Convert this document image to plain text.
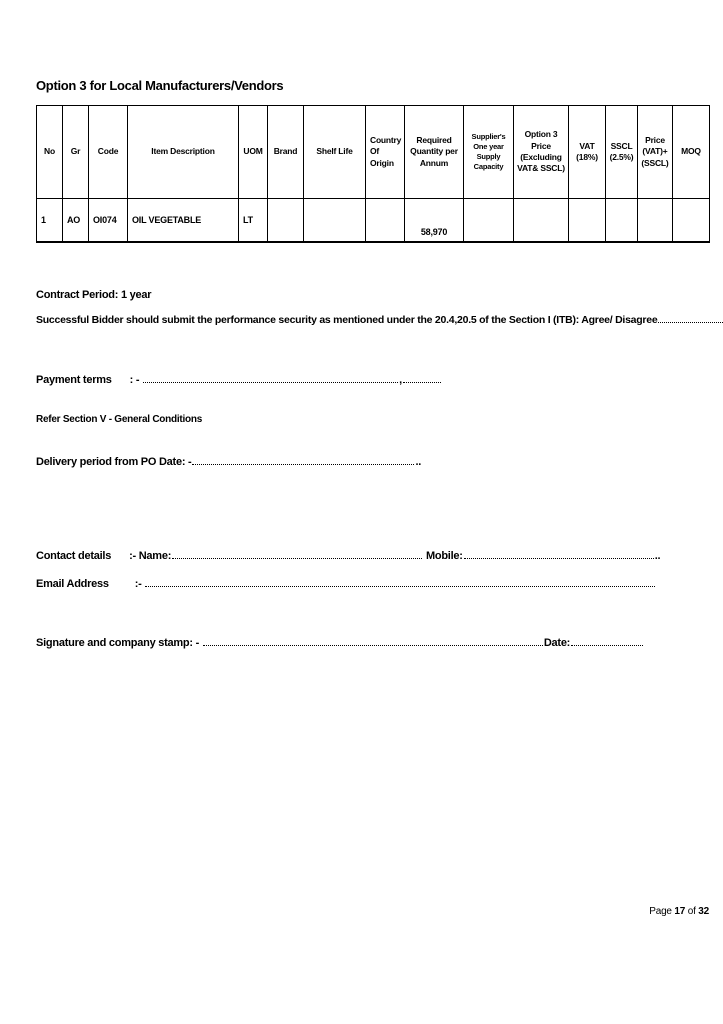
Option 3 for Local Manufacturers/Vendors
No	Gr	Code	Item Description	UOM	Brand	Shelf Life	Country Of Origin	Required Quantity per Annum	Supplier's One year Supply Capacity	Option 3 Price (Excluding VAT& SSCL)	VAT (18%)	SSCL (2.5%)	Price (VAT)+ (SSCL)	MOQ
1	AO	OI074	OIL VEGETABLE	LT				58,970						
Contract Period: 1 year
Successful Bidder should submit the performance security as mentioned under the 20.4,20.5 of the Section I (ITB): Agree/ Disagree
Payment terms : -	,
Refer Section V - General Conditions
Delivery period from PO Date: -	..
Contact details :- Name:	Mobile:	..
Email Address :-
Signature and company stamp: -	Date:
Page 17 of 32
